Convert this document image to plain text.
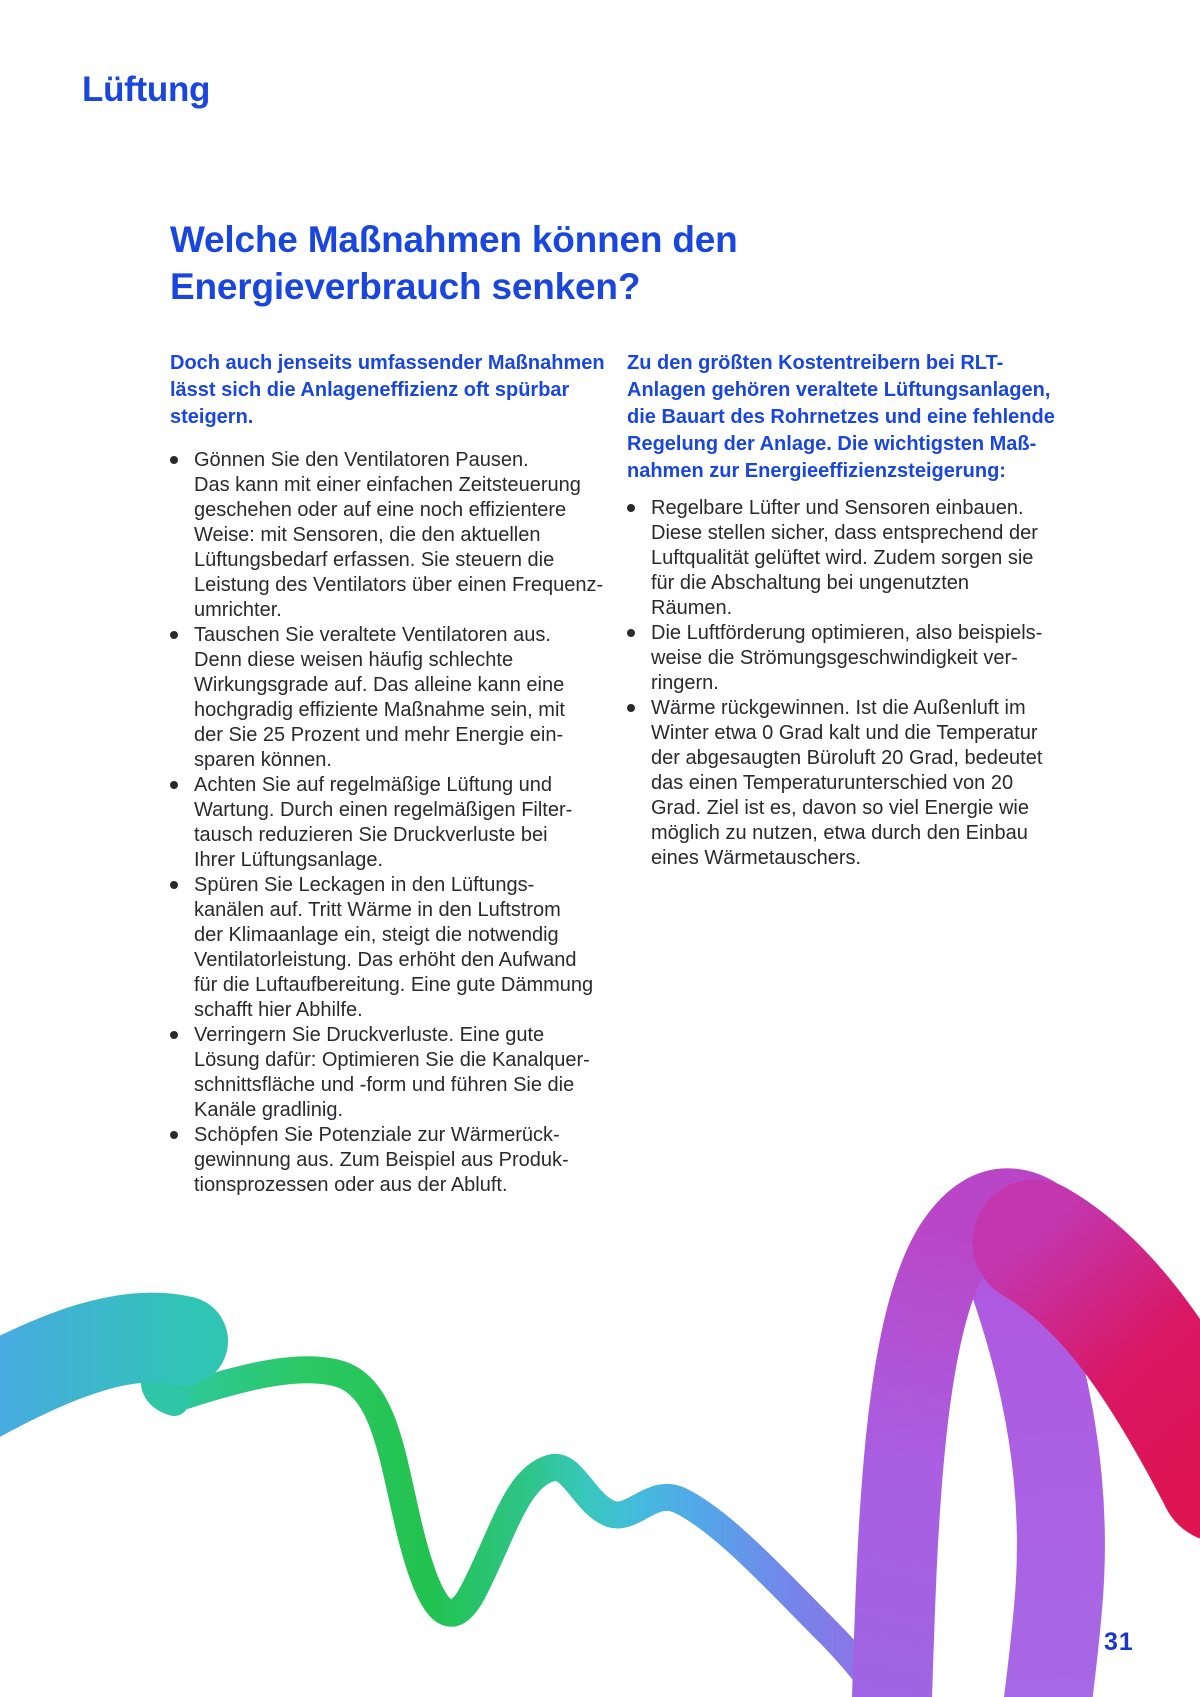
Lüftung
Welche Maßnahmen können den
Energieverbrauch senken?
Doch auch jenseits umfassender Maßnahmen
lässt sich die Anlageneffizienz oft spürbar
steigern.
Gönnen Sie den Ventilatoren Pausen.
Das kann mit einer einfachen Zeitsteuerung
geschehen oder auf eine noch effizientere
Weise: mit Sensoren, die den aktuellen
Lüftungsbedarf erfassen. Sie steuern die
Leistung des Ventilators über einen Frequenz-
umrichter.
Tauschen Sie veraltete Ventilatoren aus.
Denn diese weisen häufig schlechte
Wirkungsgrade auf. Das alleine kann eine
hochgradig effiziente Maßnahme sein, mit
der Sie 25 Prozent und mehr Energie ein-
sparen können.
Achten Sie auf regelmäßige Lüftung und
Wartung. Durch einen regelmäßigen Filter-
tausch reduzieren Sie Druckverluste bei
Ihrer Lüftungsanlage.
Spüren Sie Leckagen in den Lüftungs-
kanälen auf. Tritt Wärme in den Luftstrom
der Klimaanlage ein, steigt die notwendig
Ventilatorleistung. Das erhöht den Aufwand
für die Luftaufbereitung. Eine gute Dämmung
schafft hier Abhilfe.
Verringern Sie Druckverluste. Eine gute
Lösung dafür: Optimieren Sie die Kanalquer-
schnittsfläche und -form und führen Sie die
Kanäle gradlinig.
Schöpfen Sie Potenziale zur Wärmerück-
gewinnung aus. Zum Beispiel aus Produk-
tionsprozessen oder aus der Abluft.
Zu den größten Kostentreibern bei RLT-
Anlagen gehören veraltete Lüftungsanlagen,
die Bauart des Rohrnetzes und eine fehlende
Regelung der Anlage. Die wichtigsten Maß-
nahmen zur Energieeffizienzsteigerung:
Regelbare Lüfter und Sensoren einbauen.
Diese stellen sicher, dass entsprechend der
Luftqualität gelüftet wird. Zudem sorgen sie
für die Abschaltung bei ungenutzten
Räumen.
Die Luftförderung optimieren, also beispiels-
weise die Strömungsgeschwindigkeit ver-
ringern.
Wärme rückgewinnen. Ist die Außenluft im
Winter etwa 0 Grad kalt und die Temperatur
der abgesaugten Büroluft 20 Grad, bedeutet
das einen Temperaturunterschied von 20
Grad. Ziel ist es, davon so viel Energie wie
möglich zu nutzen, etwa durch den Einbau
eines Wärmetauschers.
31
